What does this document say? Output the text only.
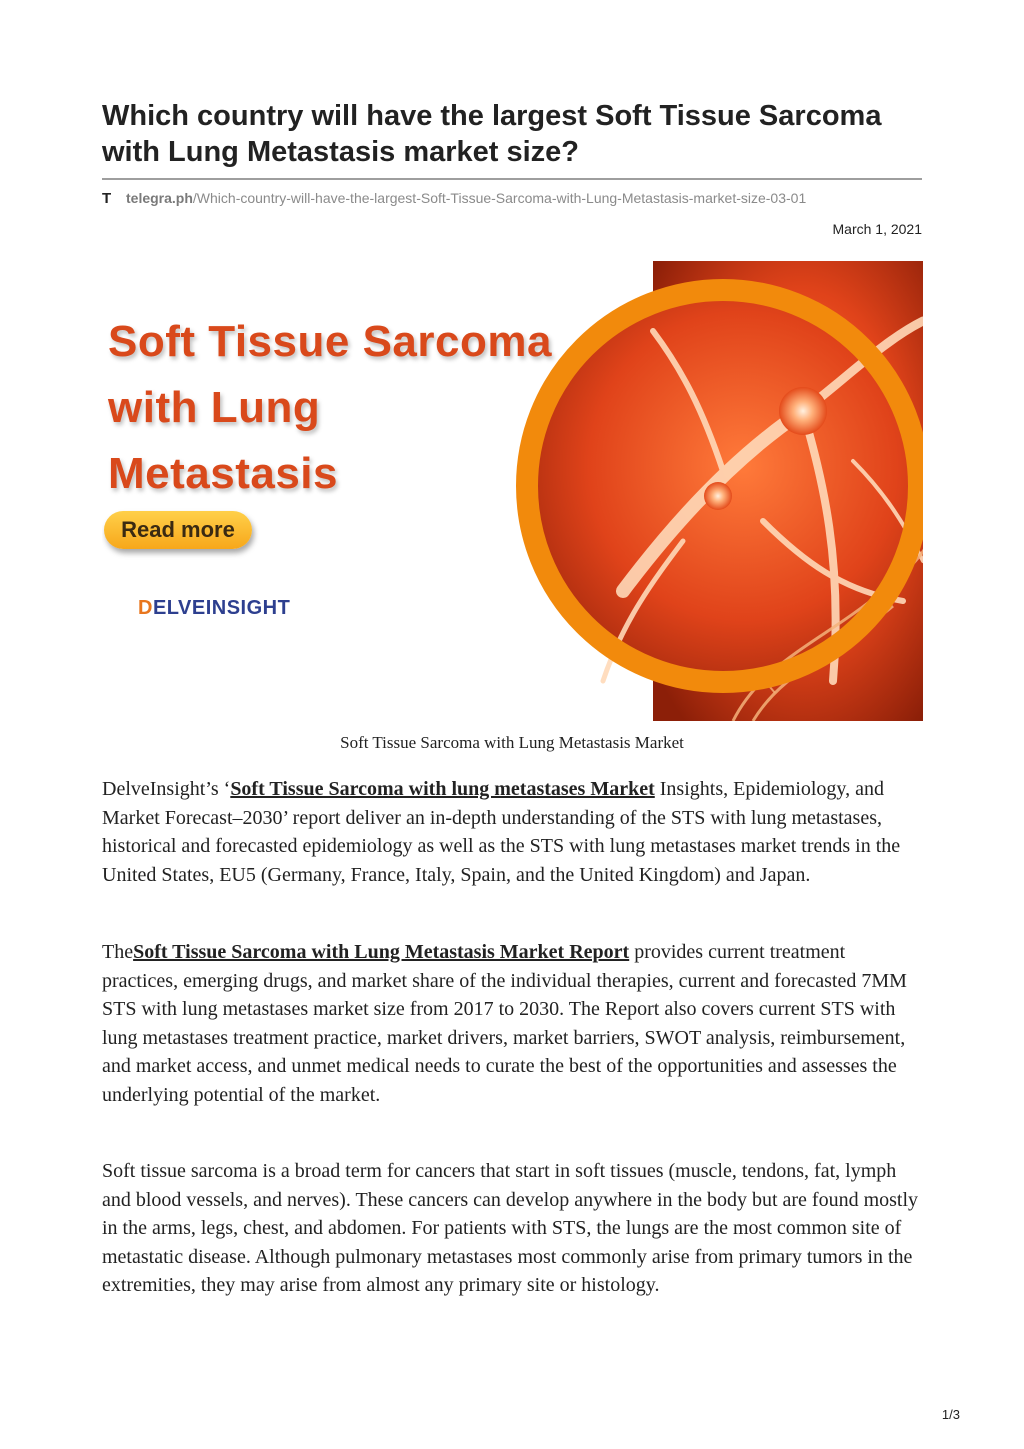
Which country will have the largest Soft Tissue Sarcoma with Lung Metastasis market size?
T telegra.ph/Which-country-will-have-the-largest-Soft-Tissue-Sarcoma-with-Lung-Metastasis-market-size-03-01
March 1, 2021
Soft Tissue Sarcoma
with Lung
Metastasis
Read more
DELVEINSIGHT
Soft Tissue Sarcoma with Lung Metastasis Market

DelveInsight’s ‘Soft Tissue Sarcoma with lung metastases Market Insights, Epidemiology, and Market Forecast–2030’ report deliver an in-depth understanding of the STS with lung metastases, historical and forecasted epidemiology as well as the STS with lung metastases market trends in the United States, EU5 (Germany, France, Italy, Spain, and the United Kingdom) and Japan.

TheSoft Tissue Sarcoma with Lung Metastasis Market Report provides current treatment practices, emerging drugs, and market share of the individual therapies, current and forecasted 7MM STS with lung metastases market size from 2017 to 2030. The Report also covers current STS with lung metastases treatment practice, market drivers, market barriers, SWOT analysis, reimbursement, and market access, and unmet medical needs to curate the best of the opportunities and assesses the underlying potential of the market.

Soft tissue sarcoma is a broad term for cancers that start in soft tissues (muscle, tendons, fat, lymph and blood vessels, and nerves). These cancers can develop anywhere in the body but are found mostly in the arms, legs, chest, and abdomen. For patients with STS, the lungs are the most common site of metastatic disease. Although pulmonary metastases most commonly arise from primary tumors in the extremities, they may arise from almost any primary site or histology.

1/3
